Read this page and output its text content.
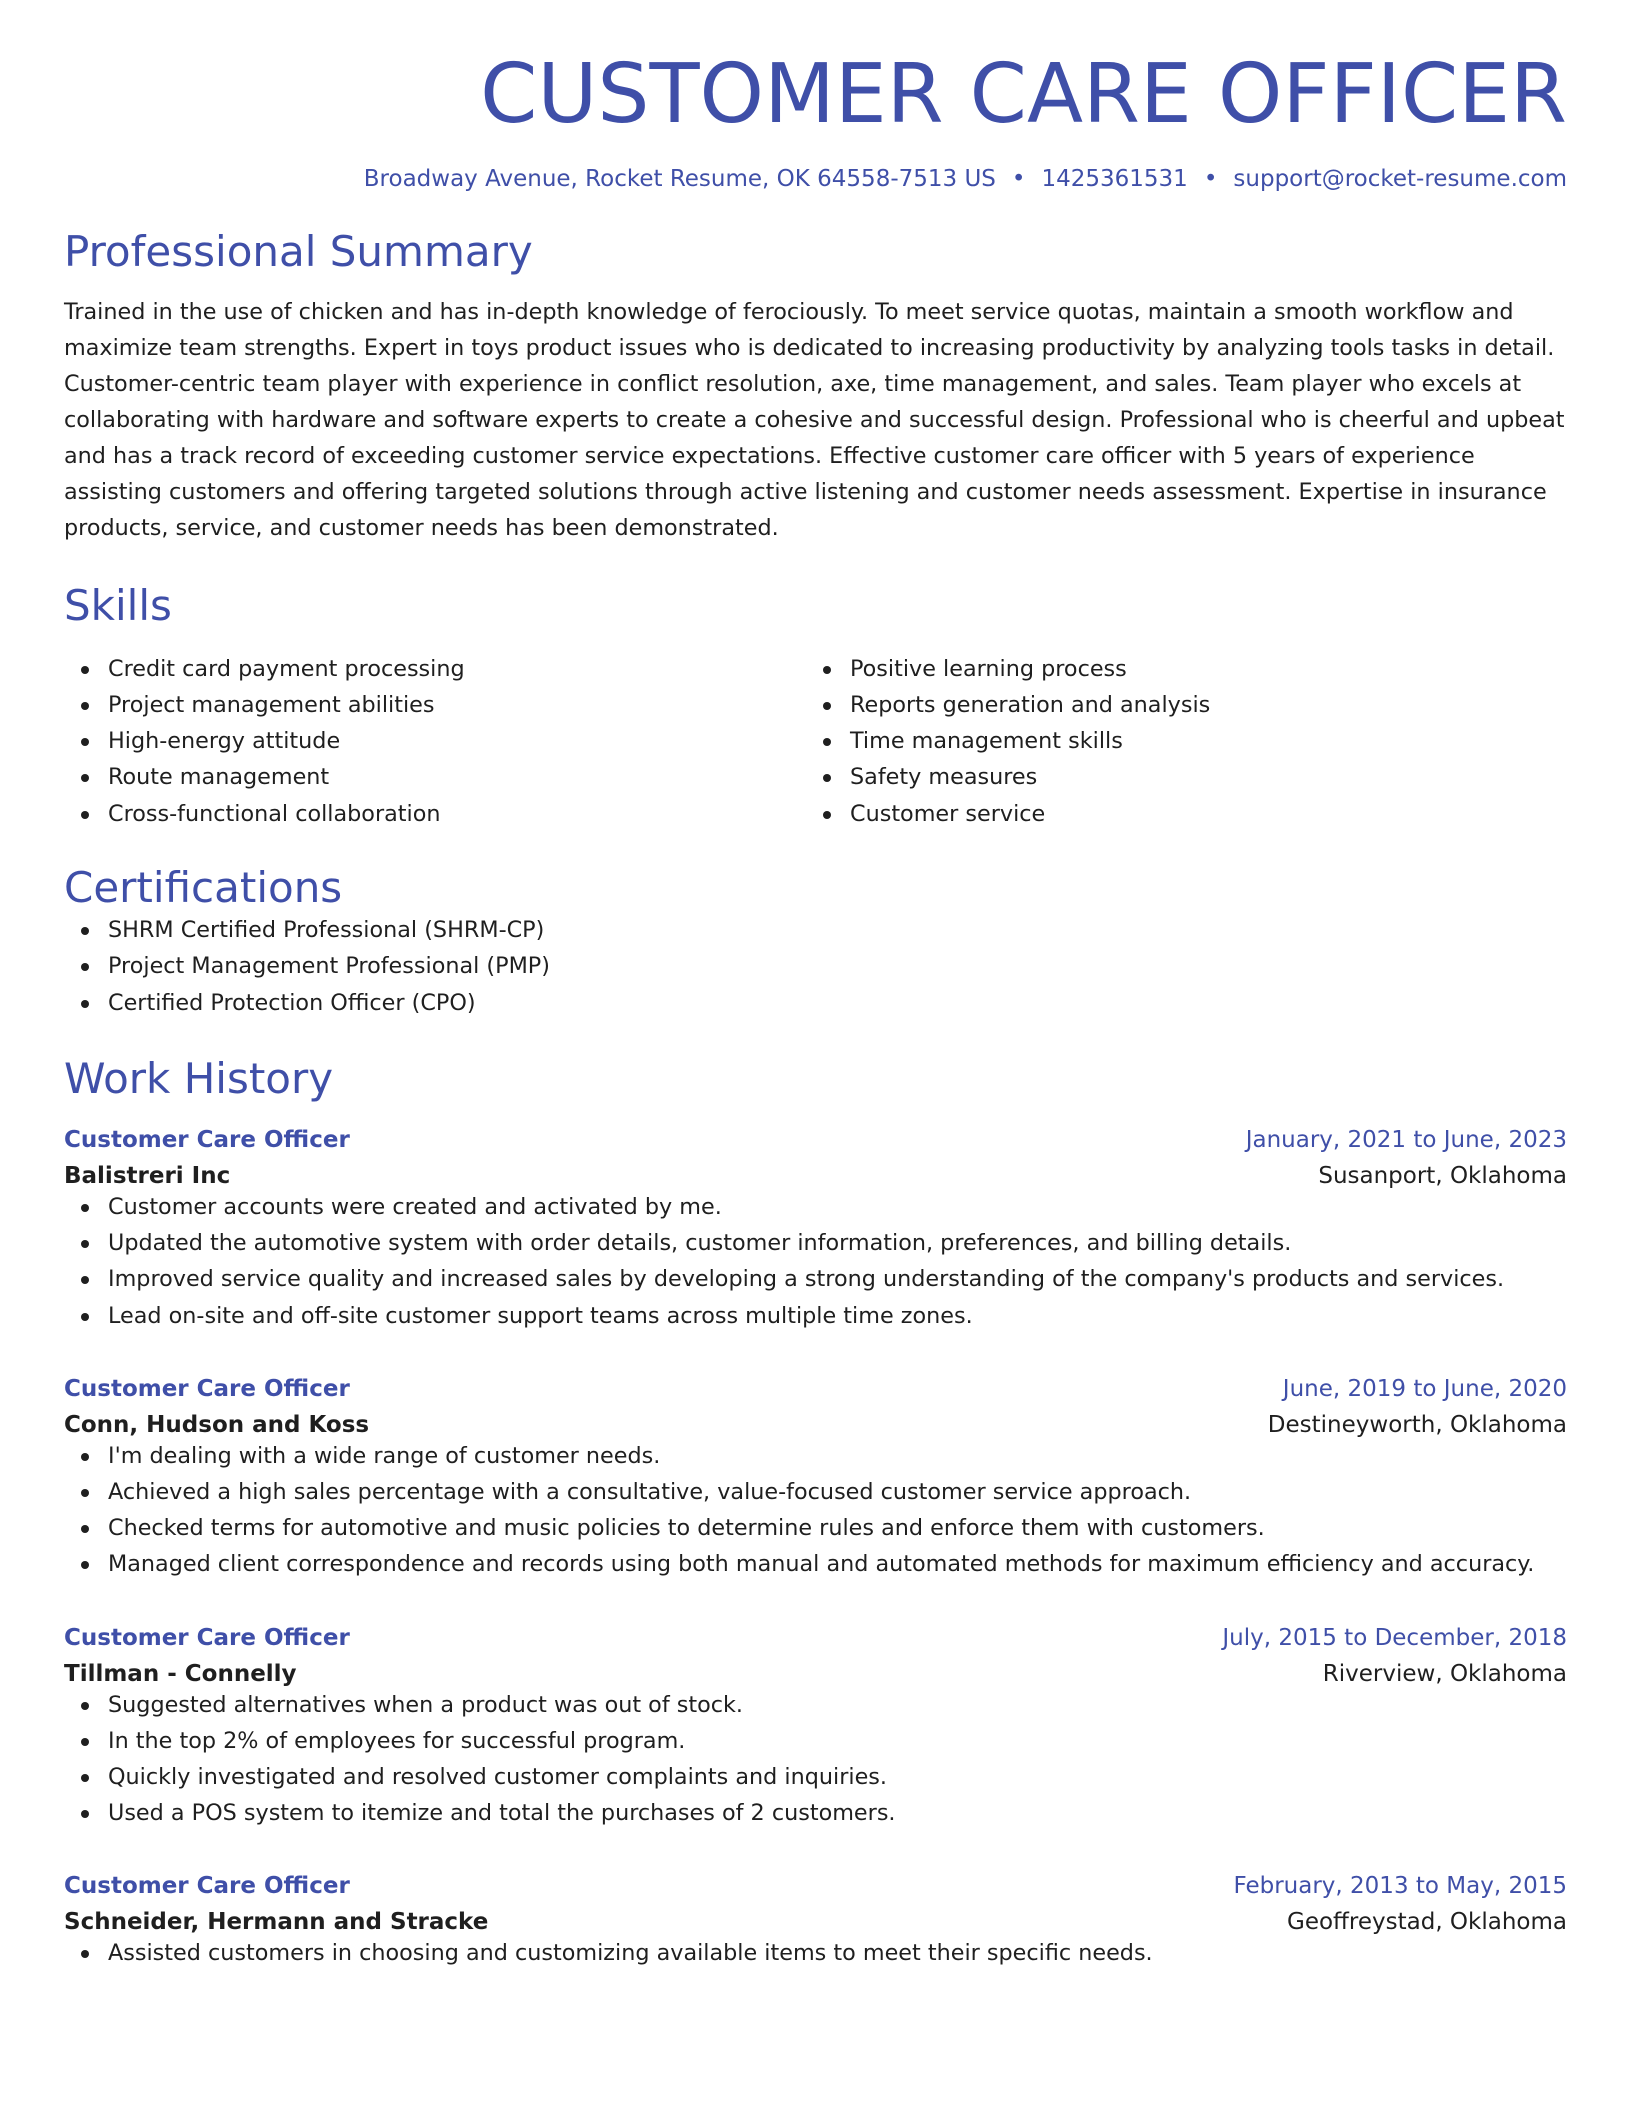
CUSTOMER CARE OFFICER
Broadway Avenue, Rocket Resume, OK 64558-7513 US • 1425361531 • support@rocket-resume.com
Professional Summary
Trained in the use of chicken and has in-depth knowledge of ferociously. To meet service quotas, maintain a smooth workflow and maximize team strengths. Expert in toys product issues who is dedicated to increasing productivity by analyzing tools tasks in detail. Customer-centric team player with experience in conflict resolution, axe, time management, and sales. Team player who excels at collaborating with hardware and software experts to create a cohesive and successful design. Professional who is cheerful and upbeat and has a track record of exceeding customer service expectations. Effective customer care officer with 5 years of experience assisting customers and offering targeted solutions through active listening and customer needs assessment. Expertise in insurance products, service, and customer needs has been demonstrated.
Skills
Credit card payment processing
Project management abilities
High-energy attitude
Route management
Cross-functional collaboration
Positive learning process
Reports generation and analysis
Time management skills
Safety measures
Customer service
Certifications
SHRM Certified Professional (SHRM-CP)
Project Management Professional (PMP)
Certified Protection Officer (CPO)
Work History
Customer Care Officer	January, 2021 to June, 2023
Balistreri Inc	Susanport, Oklahoma
Customer accounts were created and activated by me.
Updated the automotive system with order details, customer information, preferences, and billing details.
Improved service quality and increased sales by developing a strong understanding of the company's products and services.
Lead on-site and off-site customer support teams across multiple time zones.
Customer Care Officer	June, 2019 to June, 2020
Conn, Hudson and Koss	Destineyworth, Oklahoma
I'm dealing with a wide range of customer needs.
Achieved a high sales percentage with a consultative, value-focused customer service approach.
Checked terms for automotive and music policies to determine rules and enforce them with customers.
Managed client correspondence and records using both manual and automated methods for maximum efficiency and accuracy.
Customer Care Officer	July, 2015 to December, 2018
Tillman - Connelly	Riverview, Oklahoma
Suggested alternatives when a product was out of stock.
In the top 2% of employees for successful program.
Quickly investigated and resolved customer complaints and inquiries.
Used a POS system to itemize and total the purchases of 2 customers.
Customer Care Officer	February, 2013 to May, 2015
Schneider, Hermann and Stracke	Geoffreystad, Oklahoma
Assisted customers in choosing and customizing available items to meet their specific needs.
